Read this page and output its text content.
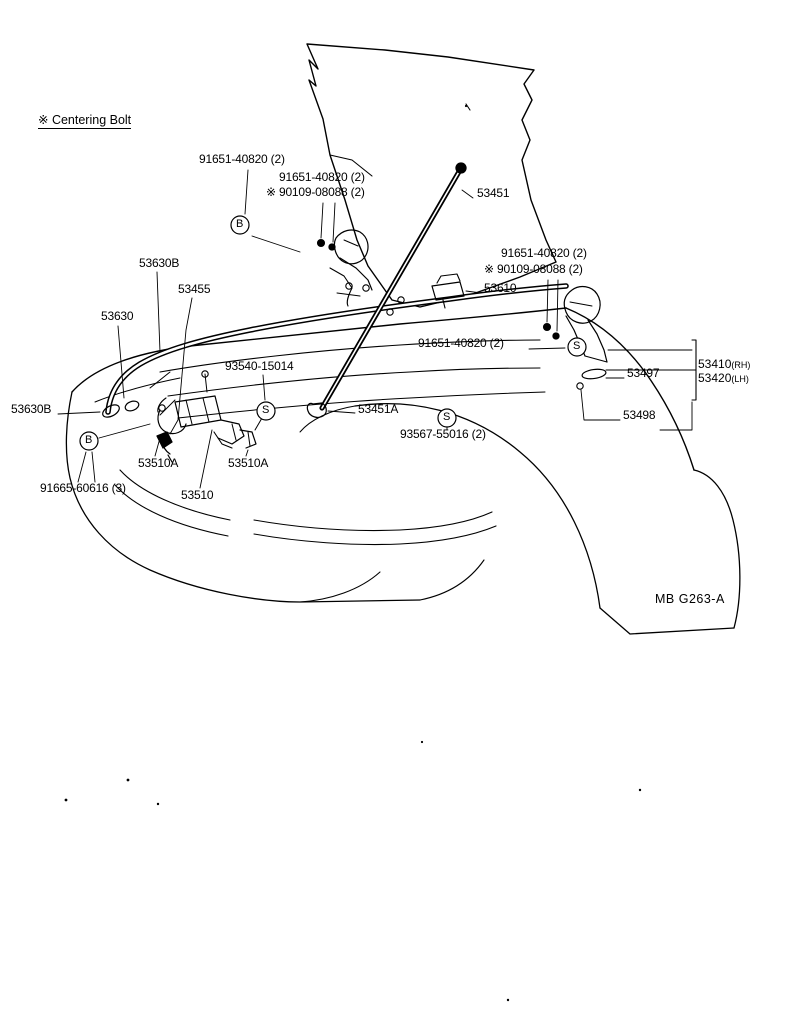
※ Centering Bolt
91651-40820 (2)
91651-40820 (2)
※ 90109-08088 (2)	53451
91651-40820 (2)
※ 90109-08088 (2)
53610
53630B
53455
53630
91651-40820 (2)
93540-15014	53497
53630B	53451A	53498
93567-55016 (2)
53510A	53510A
53510
91665-60616 (3)
53410(RH)
53420(LH)
B
S
S
S
B
MB G263-A
